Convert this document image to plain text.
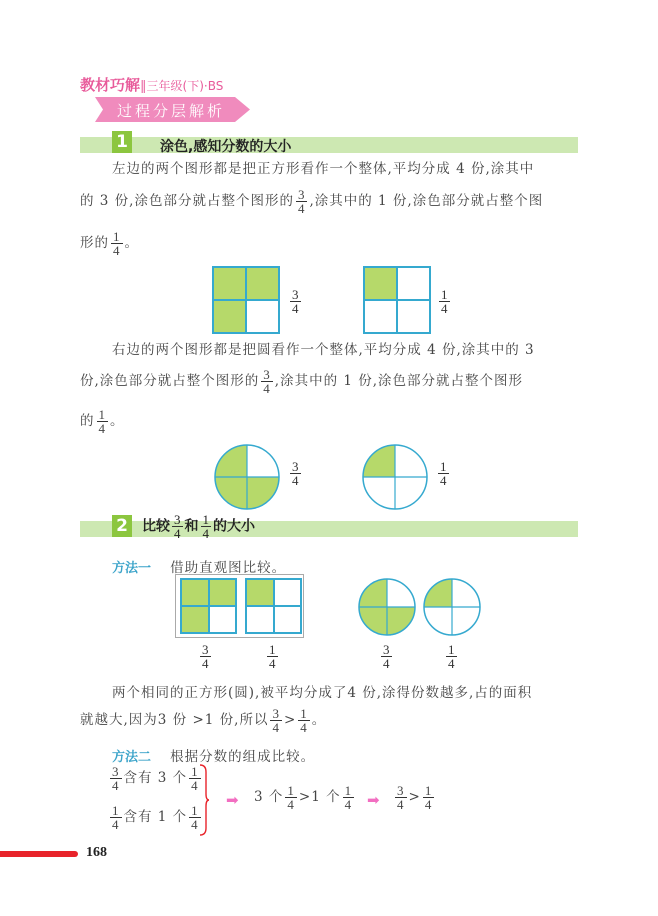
教材巧解‖三年级(下)·BS
过程分层解析
1 涂色,感知分数的大小
左边的两个图形都是把正方形看作一个整体,平均分成 4 份,涂其中
的 3 份,涂色部分就占整个图形的 $\frac{3}{4}$ ,涂其中的 1 份,涂色部分就占整个图
形的 $\frac{1}{4}$ 。
$\frac{3}{4}$	$\frac{1}{4}$
右边的两个图形都是把圆看作一个整体,平均分成 4 份,涂其中的 3
份,涂色部分就占整个图形的 $\frac{3}{4}$ ,涂其中的 1 份,涂色部分就占整个图形
的 $\frac{1}{4}$ 。
$\frac{3}{4}$	$\frac{1}{4}$
2 比较 $\frac{3}{4}$ 和 $\frac{1}{4}$ 的大小
方法一 借助直观图比较。
$\frac{3}{4}$	$\frac{1}{4}$	$\frac{3}{4}$	$\frac{1}{4}$
两个相同的正方形(圆),被平均分成了4 份,涂得份数越多,占的面积
就越大,因为3 份 >1 份,所以 $\frac{3}{4} > \frac{1}{4}$ 。
方法二 根据分数的组成比较。
$\frac{3}{4}$ 含有 3 个 $\frac{1}{4}$
$\frac{1}{4}$ 含有 1 个 $\frac{1}{4}$
➡ 3 个 $\frac{1}{4} >1$ 个 $\frac{1}{4}$ ➡ $\frac{3}{4} > \frac{1}{4}$
168
